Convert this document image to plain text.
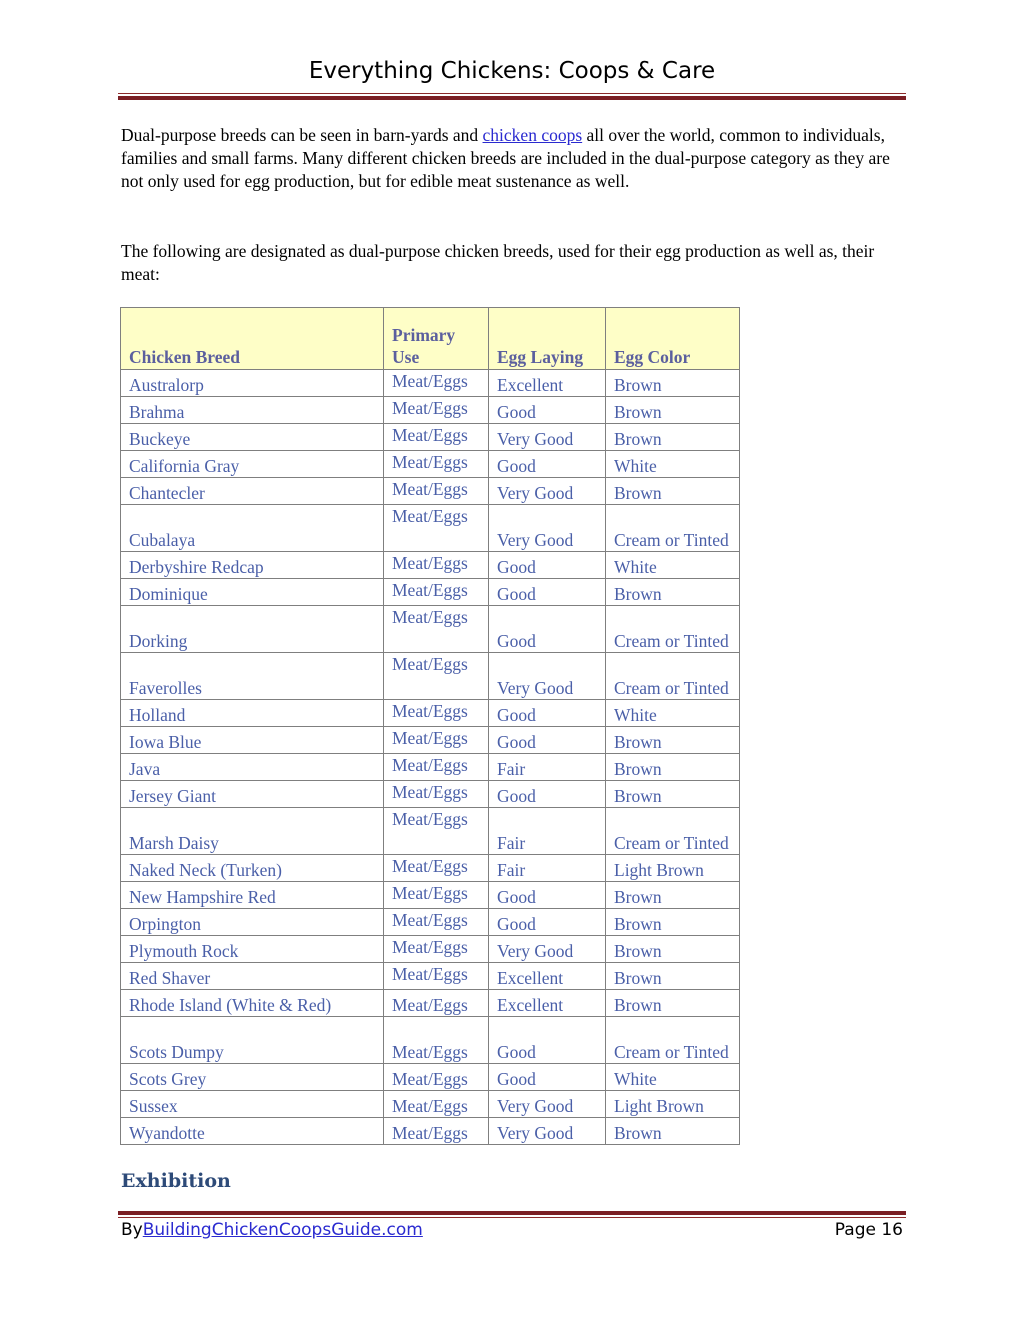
Everything Chickens: Coops & Care
Dual-purpose breeds can be seen in barn-yards and chicken coops all over the world, common to individuals, families and small farms. Many different chicken breeds are included in the dual-purpose category as they are not only used for egg production, but for edible meat sustenance as well.
The following are designated as dual-purpose chicken breeds, used for their egg production as well as, their meat:
Chicken Breed	Primary Use	Egg Laying	Egg Color
Australorp	Meat/Eggs	Excellent	Brown
Brahma	Meat/Eggs	Good	Brown
Buckeye	Meat/Eggs	Very Good	Brown
California Gray	Meat/Eggs	Good	White
Chantecler	Meat/Eggs	Very Good	Brown
Cubalaya	Meat/Eggs	Very Good	Cream or Tinted
Derbyshire Redcap	Meat/Eggs	Good	White
Dominique	Meat/Eggs	Good	Brown
Dorking	Meat/Eggs	Good	Cream or Tinted
Faverolles	Meat/Eggs	Very Good	Cream or Tinted
Holland	Meat/Eggs	Good	White
Iowa Blue	Meat/Eggs	Good	Brown
Java	Meat/Eggs	Fair	Brown
Jersey Giant	Meat/Eggs	Good	Brown
Marsh Daisy	Meat/Eggs	Fair	Cream or Tinted
Naked Neck (Turken)	Meat/Eggs	Fair	Light Brown
New Hampshire Red	Meat/Eggs	Good	Brown
Orpington	Meat/Eggs	Good	Brown
Plymouth Rock	Meat/Eggs	Very Good	Brown
Red Shaver	Meat/Eggs	Excellent	Brown
Rhode Island (White & Red)	Meat/Eggs	Excellent	Brown
Scots Dumpy	Meat/Eggs	Good	Cream or Tinted
Scots Grey	Meat/Eggs	Good	White
Sussex	Meat/Eggs	Very Good	Light Brown
Wyandotte	Meat/Eggs	Very Good	Brown
Exhibition
ByBuildingChickenCoopsGuide.com	Page 16
